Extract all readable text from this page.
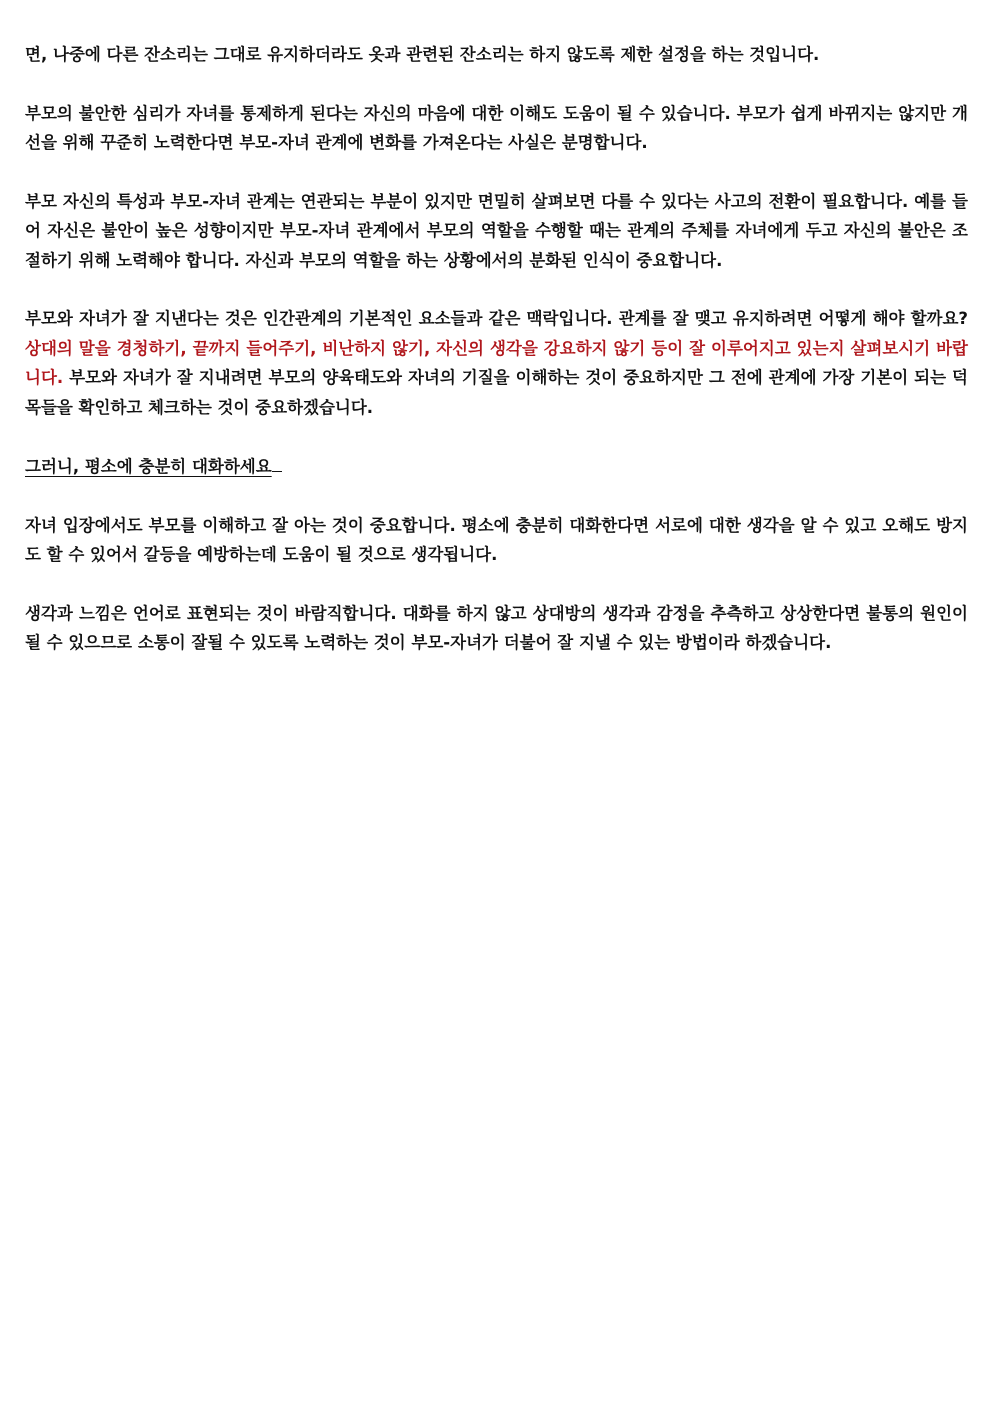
면, 나중에 다른 잔소리는 그대로 유지하더라도 옷과 관련된 잔소리는 하지 않도록 제한 설정을 하는 것입니다.

부모의 불안한 심리가 자녀를 통제하게 된다는 자신의 마음에 대한 이해도 도움이 될 수 있습니다. 부모가 쉽게 바뀌지는 않지만 개선을 위해 꾸준히 노력한다면 부모-자녀 관계에 변화를 가져온다는 사실은 분명합니다.

부모 자신의 특성과 부모-자녀 관계는 연관되는 부분이 있지만 면밀히 살펴보면 다를 수 있다는 사고의 전환이 필요합니다. 예를 들어 자신은 불안이 높은 성향이지만 부모-자녀 관계에서 부모의 역할을 수행할 때는 관계의 주체를 자녀에게 두고 자신의 불안은 조절하기 위해 노력해야 합니다. 자신과 부모의 역할을 하는 상황에서의 분화된 인식이 중요합니다.

부모와 자녀가 잘 지낸다는 것은 인간관계의 기본적인 요소들과 같은 맥락입니다. 관계를 잘 맺고 유지하려면 어떻게 해야 할까요? 상대의 말을 경청하기, 끝까지 들어주기, 비난하지 않기, 자신의 생각을 강요하지 않기 등이 잘 이루어지고 있는지 살펴보시기 바랍니다. 부모와 자녀가 잘 지내려면 부모의 양육태도와 자녀의 기질을 이해하는 것이 중요하지만 그 전에 관계에 가장 기본이 되는 덕목들을 확인하고 체크하는 것이 중요하겠습니다.

그러니, 평소에 충분히 대화하세요

자녀 입장에서도 부모를 이해하고 잘 아는 것이 중요합니다. 평소에 충분히 대화한다면 서로에 대한 생각을 알 수 있고 오해도 방지도 할 수 있어서 갈등을 예방하는데 도움이 될 것으로 생각됩니다.

생각과 느낌은 언어로 표현되는 것이 바람직합니다. 대화를 하지 않고 상대방의 생각과 감정을 추측하고 상상한다면 불통의 원인이 될 수 있으므로 소통이 잘될 수 있도록 노력하는 것이 부모-자녀가 더불어 잘 지낼 수 있는 방법이라 하겠습니다.
